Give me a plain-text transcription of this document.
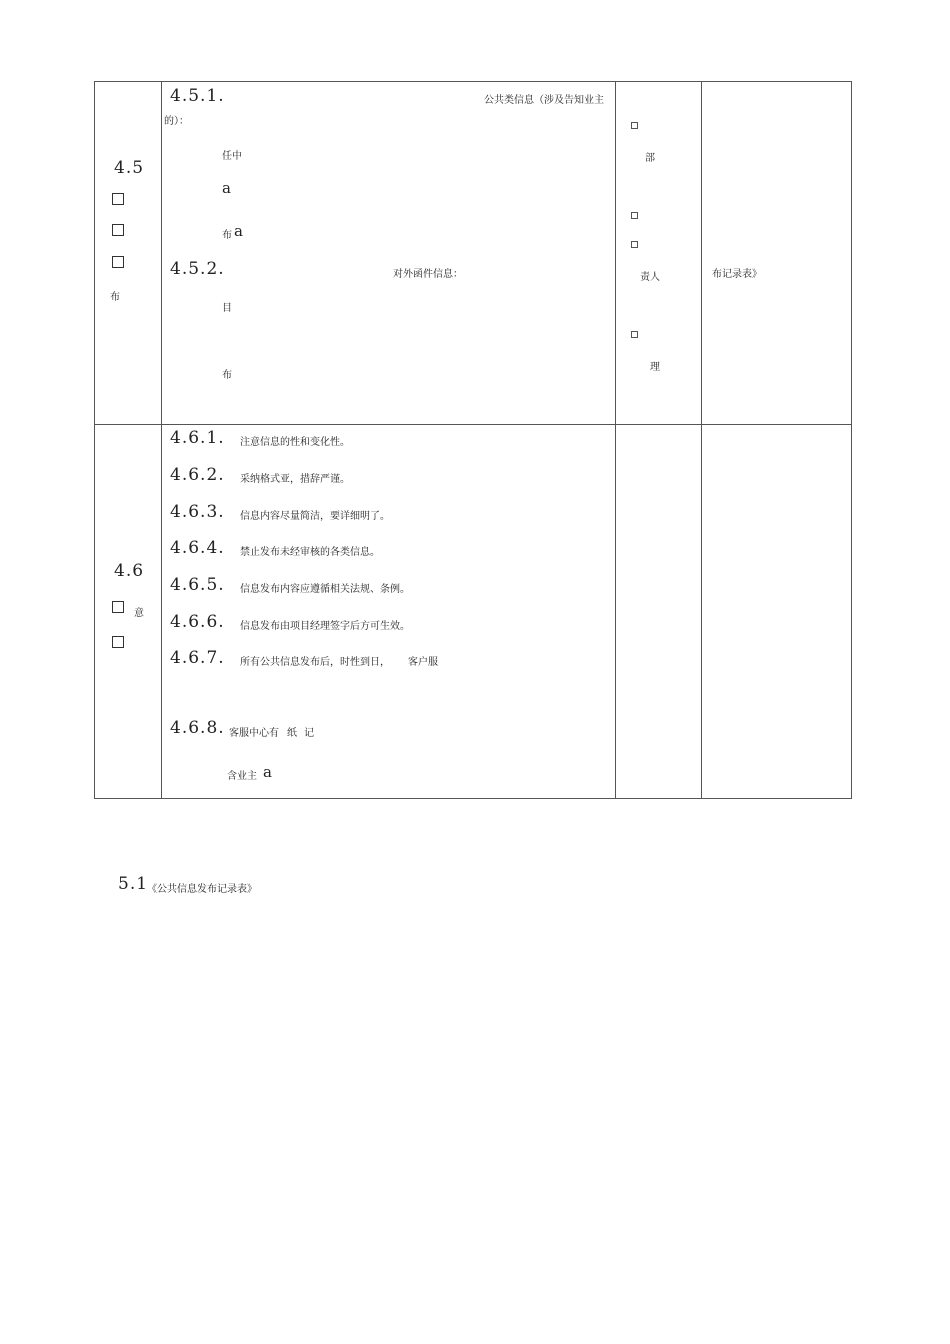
4.5
布
4.5.1.	公共类信息（涉及告知业主
的）：
任中
a
布 a
4.5.2.	对外函件信息：
目
布
部
责人
理
布记录表》
4.6
意
4.6.1. 注意信息的性和变化性。
4.6.2. 采纳格式亚，措辞严谨。
4.6.3. 信息内容尽量简洁，要详细明了。
4.6.4. 禁止发布未经审核的各类信息。
4.6.5. 信息发布内容应遵循相关法规、条例。
4.6.6. 信息发布由项目经理签字后方可生效。
4.6.7. 所有公共信息发布后，时性到日， 客户服
4.6.8. 客服中心有 纸 记
含业主 a
5.1
《公共信息发布记录表》
